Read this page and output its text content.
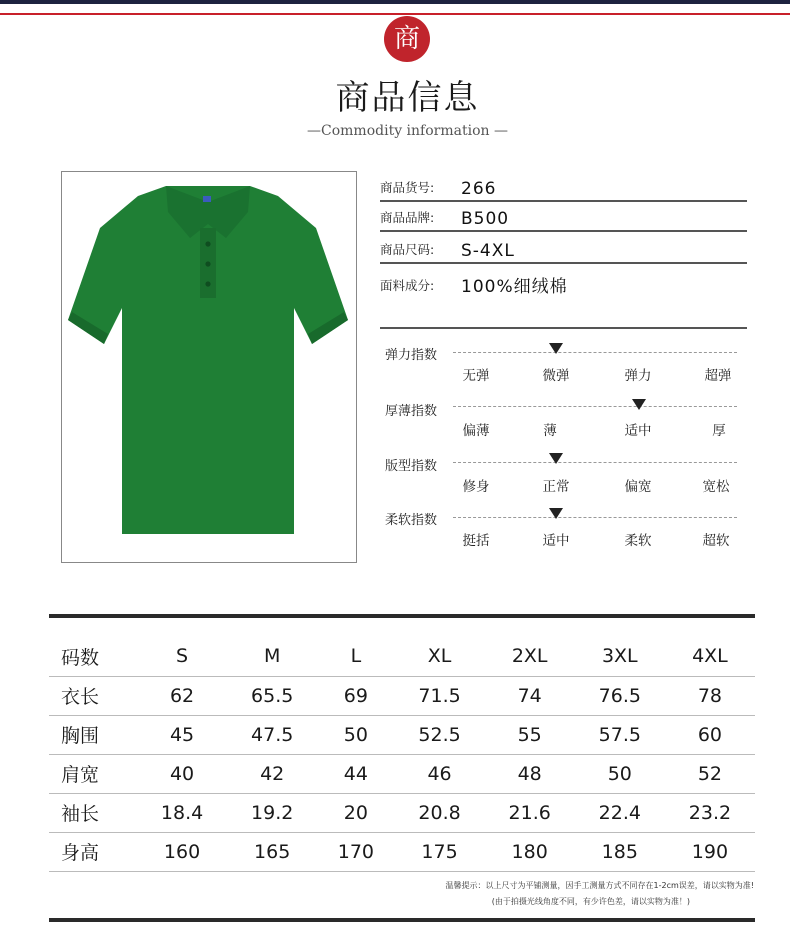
商
商品信息
—Commodity information —
商品货号: 266
商品品牌: B500
商品尺码: S-4XL
面料成分: 100%细绒棉
弹力指数
无弹	微弹	弹力	超弹
厚薄指数
偏薄	薄	适中	厚
版型指数
修身	正常	偏宽	宽松
柔软指数
挺括	适中	柔软	超软
码数	S	M	L	XL	2XL	3XL	4XL
衣长	62	65.5	69	71.5	74	76.5	78
胸围	45	47.5	50	52.5	55	57.5	60
肩宽	40	42	44	46	48	50	52
袖长	18.4	19.2	20	20.8	21.6	22.4	23.2
身高	160	165	170	175	180	185	190
温馨提示：以上尺寸为平铺测量，因手工测量方式不同存在1-2cm误差，请以实物为准!
(由于拍摄光线角度不同，有少许色差，请以实物为准！)
